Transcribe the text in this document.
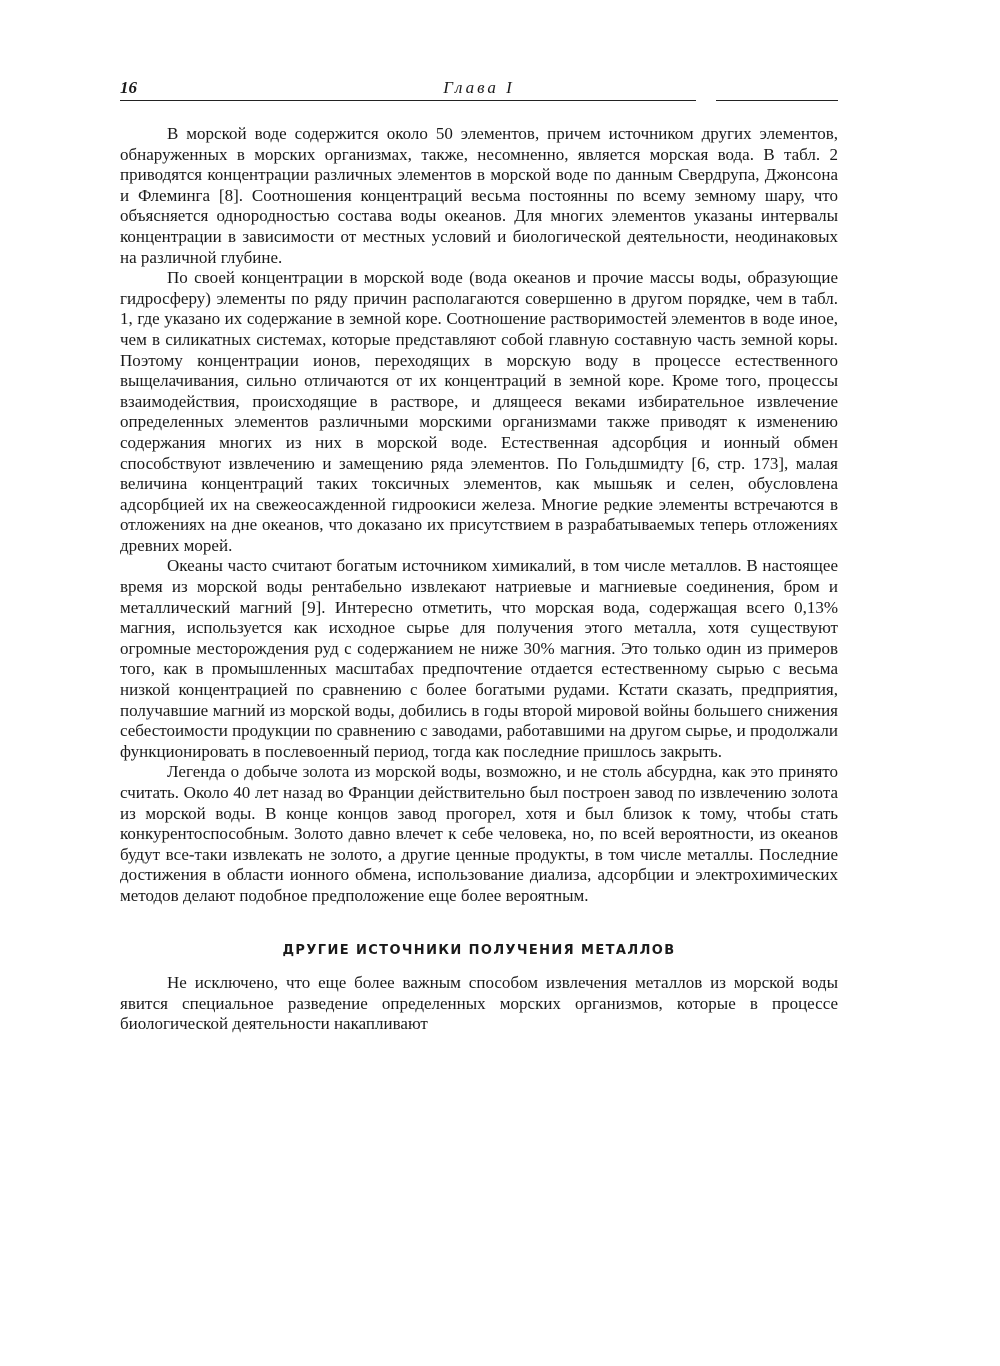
16	Глава I

В морской воде содержится около 50 элементов, причем источником других элементов, обнаруженных в морских организмах, также, несомненно, является морская вода. В табл. 2 приводятся концентрации различных элементов в морской воде по данным Свердрупа, Джонсона и Флеминга [8]. Соотношения концентраций весьма постоянны по всему земному шару, что объясняется однородностью состава воды океанов. Для многих элементов указаны интервалы концентрации в зависимости от местных условий и биологической деятельности, неодинаковых на различной глубине.

По своей концентрации в морской воде (вода океанов и прочие массы воды, образующие гидросферу) элементы по ряду причин располагаются совершенно в другом порядке, чем в табл. 1, где указано их содержание в земной коре. Соотношение растворимостей элементов в воде иное, чем в силикатных системах, которые представляют собой главную составную часть земной коры. Поэтому концентрации ионов, переходящих в морскую воду в процессе естественного выщелачивания, сильно отличаются от их концентраций в земной коре. Кроме того, процессы взаимодействия, происходящие в растворе, и длящееся веками избирательное извлечение определенных элементов различными морскими организмами также приводят к изменению содержания многих из них в морской воде. Естественная адсорбция и ионный обмен способствуют извлечению и замещению ряда элементов. По Гольдшмидту [6, стр. 173], малая величина концентраций таких токсичных элементов, как мышьяк и селен, обусловлена адсорбцией их на свежеосажденной гидроокиси железа. Многие редкие элементы встречаются в отложениях на дне океанов, что доказано их присутствием в разрабатываемых теперь отложениях древних морей.

Океаны часто считают богатым источником химикалий, в том числе металлов. В настоящее время из морской воды рентабельно извлекают натриевые и магниевые соединения, бром и металлический магний [9]. Интересно отметить, что морская вода, содержащая всего 0,13% магния, используется как исходное сырье для получения этого металла, хотя существуют огромные месторождения руд с содержанием не ниже 30% магния. Это только один из примеров того, как в промышленных масштабах предпочтение отдается естественному сырью с весьма низкой концентрацией по сравнению с более богатыми рудами. Кстати сказать, предприятия, получавшие магний из морской воды, добились в годы второй мировой войны большего снижения себестоимости продукции по сравнению с заводами, работавшими на другом сырье, и продолжали функционировать в послевоенный период, тогда как последние пришлось закрыть.

Легенда о добыче золота из морской воды, возможно, и не столь абсурдна, как это принято считать. Около 40 лет назад во Франции действительно был построен завод по извлечению золота из морской воды. В конце концов завод прогорел, хотя и был близок к тому, чтобы стать конкурентоспособным. Золото давно влечет к себе человека, но, по всей вероятности, из океанов будут все-таки извлекать не золото, а другие ценные продукты, в том числе металлы. Последние достижения в области ионного обмена, использование диализа, адсорбции и электрохимических методов делают подобное предположение еще более вероятным.

ДРУГИЕ ИСТОЧНИКИ ПОЛУЧЕНИЯ МЕТАЛЛОВ

Не исключено, что еще более важным способом извлечения металлов из морской воды явится специальное разведение определенных морских организмов, которые в процессе биологической деятельности накапливают
